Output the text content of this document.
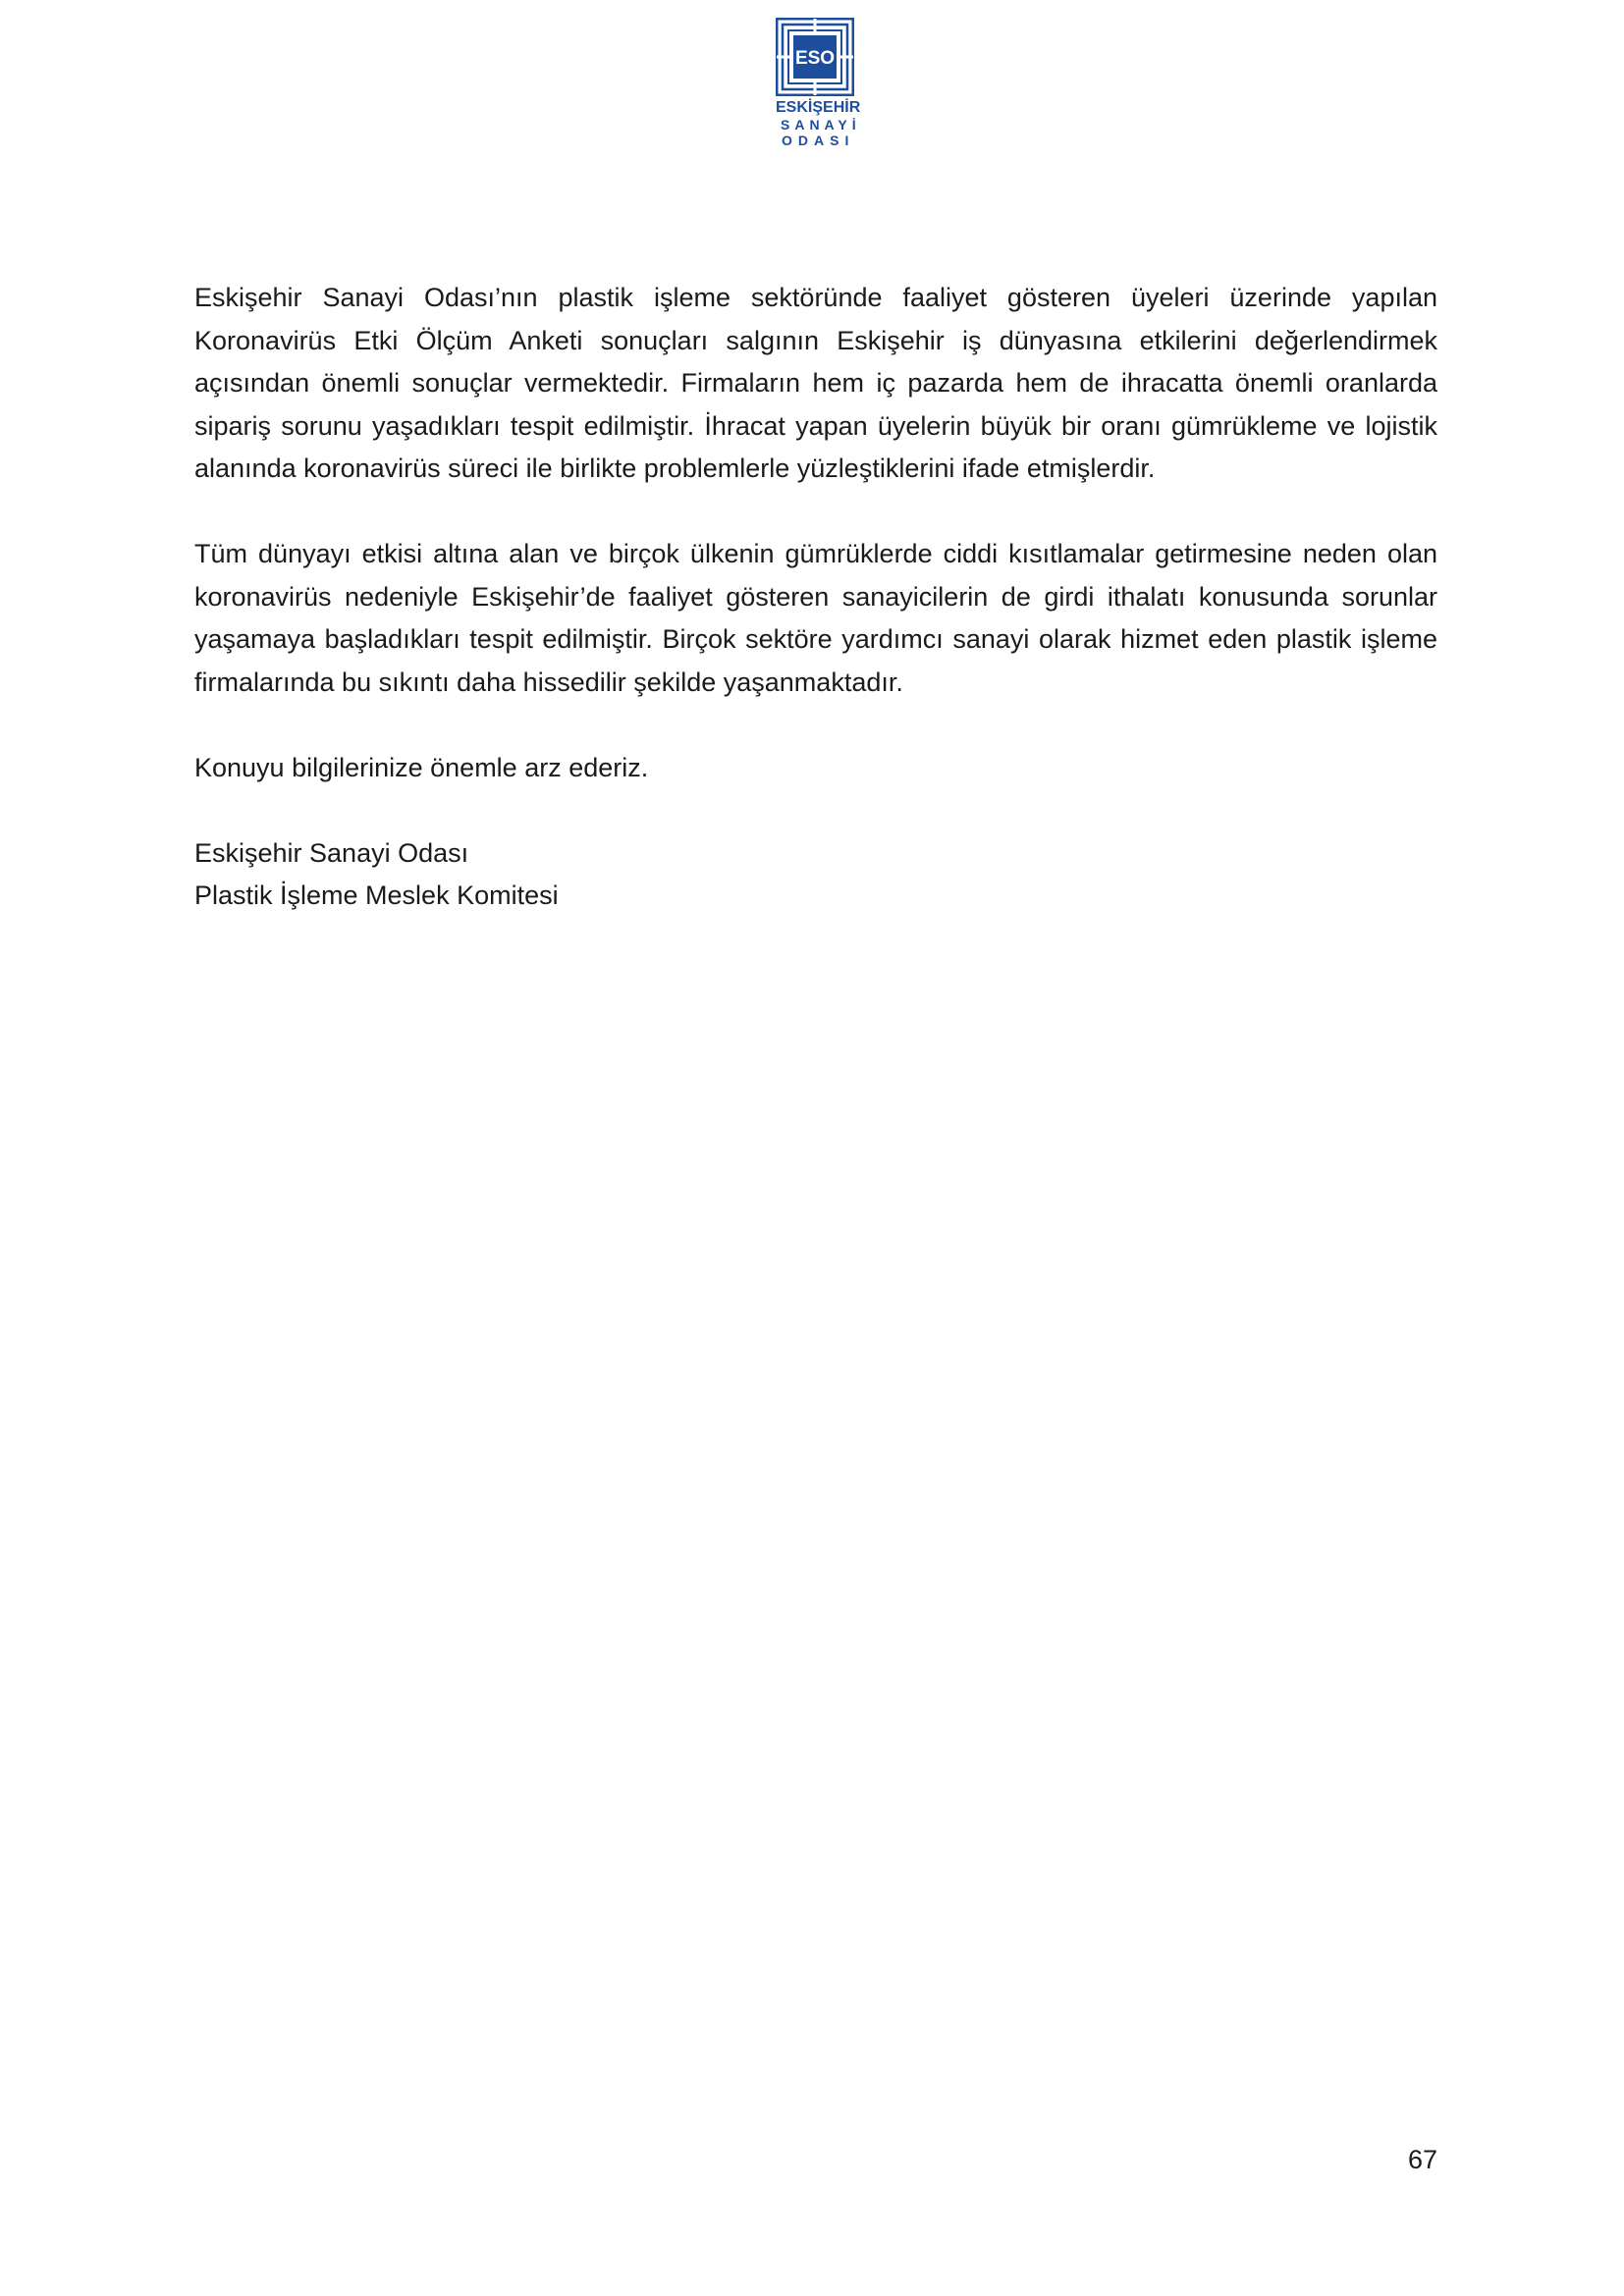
ESO
ESKİŞEHİR
SANAYİ
ODASI

Eskişehir Sanayi Odası’nın plastik işleme sektöründe faaliyet gösteren üyeleri üzerinde yapılan Koronavirüs Etki Ölçüm Anketi sonuçları salgının Eskişehir iş dünyasına etkilerini değerlendirmek açısından önemli sonuçlar vermektedir. Firmaların hem iç pazarda hem de ihracatta önemli oranlarda sipariş sorunu yaşadıkları tespit edilmiştir. İhracat yapan üyelerin büyük bir oranı gümrükleme ve lojistik alanında koronavirüs süreci ile birlikte problemlerle yüzleştiklerini ifade etmişlerdir.

Tüm dünyayı etkisi altına alan ve birçok ülkenin gümrüklerde ciddi kısıtlamalar getirmesine neden olan koronavirüs nedeniyle Eskişehir’de faaliyet gösteren sanayicilerin de girdi ithalatı konusunda sorunlar yaşamaya başladıkları tespit edilmiştir. Birçok sektöre yardımcı sanayi olarak hizmet eden plastik işleme firmalarında bu sıkıntı daha hissedilir şekilde yaşanmaktadır.

Konuyu bilgilerinize önemle arz ederiz.

Eskişehir Sanayi Odası
Plastik İşleme Meslek Komitesi
67
